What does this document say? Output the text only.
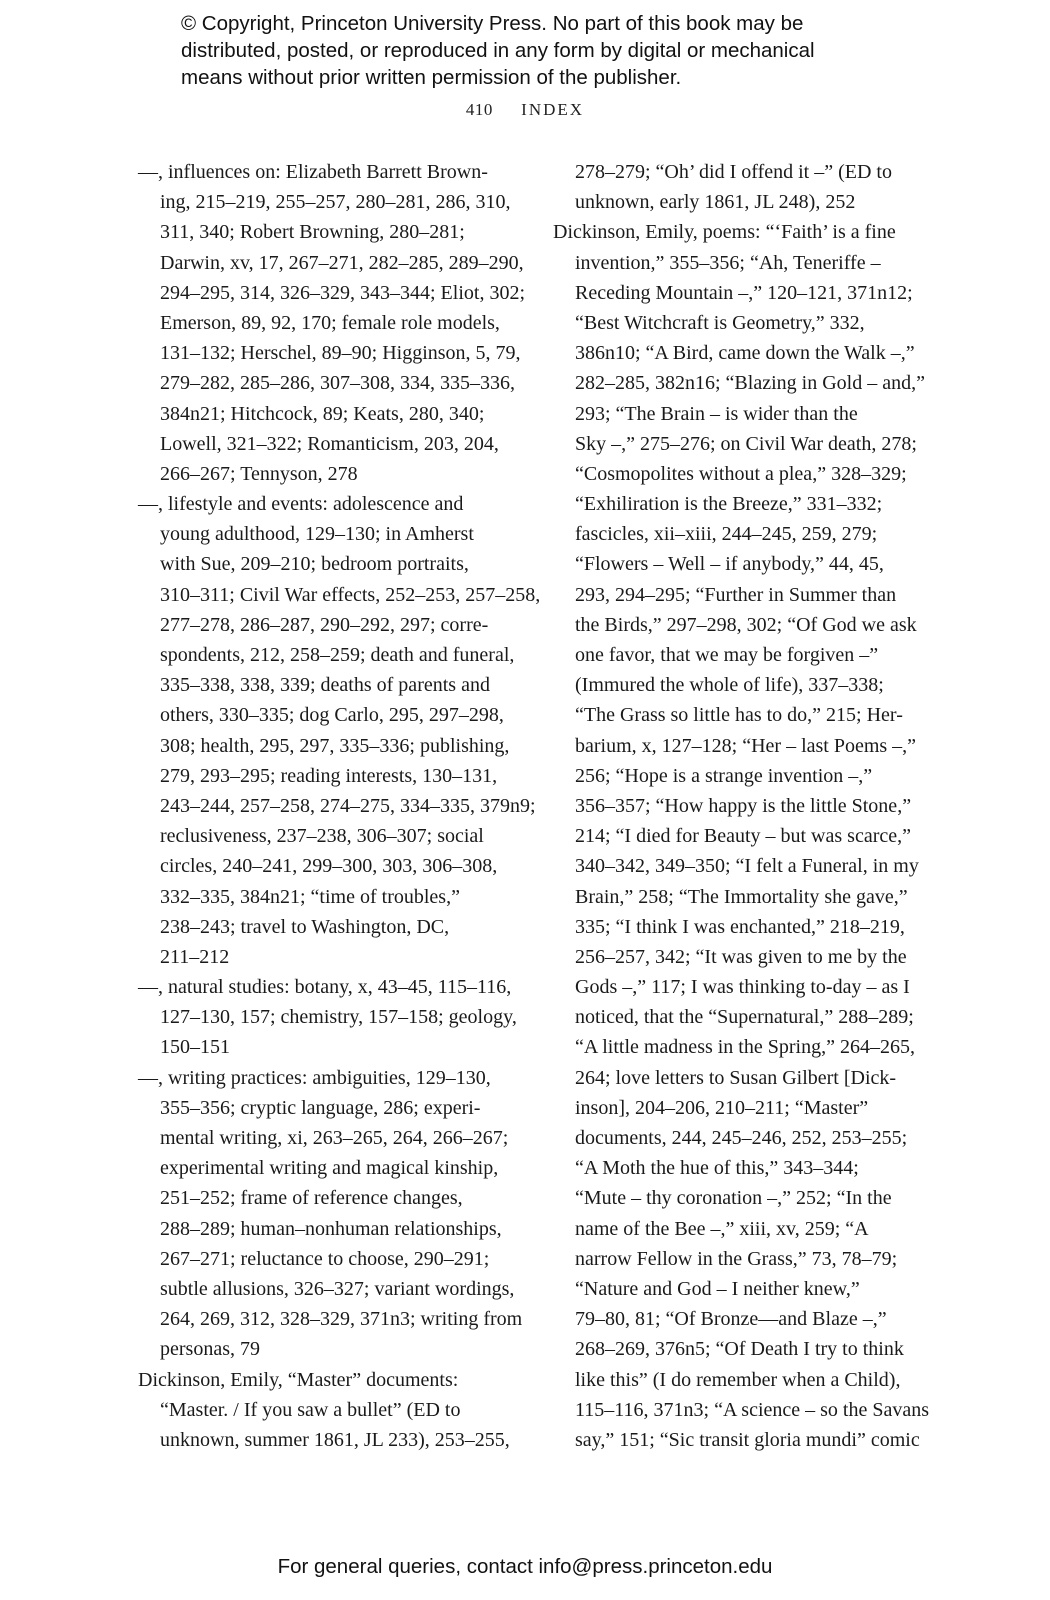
© Copyright, Princeton University Press. No part of this book may be
distributed, posted, or reproduced in any form by digital or mechanical
means without prior written permission of the publisher.
410 INDEX
—, influences on: Elizabeth Barrett Brown-
ing, 215–219, 255–257, 280–281, 286, 310,
311, 340; Robert Browning, 280–281;
Darwin, xv, 17, 267–271, 282–285, 289–290,
294–295, 314, 326–329, 343–344; Eliot, 302;
Emerson, 89, 92, 170; female role models,
131–132; Herschel, 89–90; Higginson, 5, 79,
279–282, 285–286, 307–308, 334, 335–336,
384n21; Hitchcock, 89; Keats, 280, 340;
Lowell, 321–322; Romanticism, 203, 204,
266–267; Tennyson, 278
—, lifestyle and events: adolescence and
young adulthood, 129–130; in Amherst
with Sue, 209–210; bedroom portraits,
310–311; Civil War effects, 252–253, 257–258,
277–278, 286–287, 290–292, 297; corre-
spondents, 212, 258–259; death and funeral,
335–338, 338, 339; deaths of parents and
others, 330–335; dog Carlo, 295, 297–298,
308; health, 295, 297, 335–336; publishing,
279, 293–295; reading interests, 130–131,
243–244, 257–258, 274–275, 334–335, 379n9;
reclusiveness, 237–238, 306–307; social
circles, 240–241, 299–300, 303, 306–308,
332–335, 384n21; “time of troubles,”
238–243; travel to Washington, DC,
211–212
—, natural studies: botany, x, 43–45, 115–116,
127–130, 157; chemistry, 157–158; geology,
150–151
—, writing practices: ambiguities, 129–130,
355–356; cryptic language, 286; experi-
mental writing, xi, 263–265, 264, 266–267;
experimental writing and magical kinship,
251–252; frame of reference changes,
288–289; human–nonhuman relationships,
267–271; reluctance to choose, 290–291;
subtle allusions, 326–327; variant wordings,
264, 269, 312, 328–329, 371n3; writing from
personas, 79
Dickinson, Emily, “Master” documents:
“Master. / If you saw a bullet” (ED to
unknown, summer 1861, JL 233), 253–255,
278–279; “Oh’ did I offend it –” (ED to
unknown, early 1861, JL 248), 252
Dickinson, Emily, poems: “‘Faith’ is a fine
invention,” 355–356; “Ah, Teneriffe –
Receding Mountain –,” 120–121, 371n12;
“Best Witchcraft is Geometry,” 332,
386n10; “A Bird, came down the Walk –,”
282–285, 382n16; “Blazing in Gold – and,”
293; “The Brain – is wider than the
Sky –,” 275–276; on Civil War death, 278;
“Cosmopolites without a plea,” 328–329;
“Exhiliration is the Breeze,” 331–332;
fascicles, xii–xiii, 244–245, 259, 279;
“Flowers – Well – if anybody,” 44, 45,
293, 294–295; “Further in Summer than
the Birds,” 297–298, 302; “Of God we ask
one favor, that we may be forgiven –”
(Immured the whole of life), 337–338;
“The Grass so little has to do,” 215; Her-
barium, x, 127–128; “Her – last Poems –,”
256; “Hope is a strange invention –,”
356–357; “How happy is the little Stone,”
214; “I died for Beauty – but was scarce,”
340–342, 349–350; “I felt a Funeral, in my
Brain,” 258; “The Immortality she gave,”
335; “I think I was enchanted,” 218–219,
256–257, 342; “It was given to me by the
Gods –,” 117; I was thinking to-day – as I
noticed, that the “Supernatural,” 288–289;
“A little madness in the Spring,” 264–265,
264; love letters to Susan Gilbert [Dick-
inson], 204–206, 210–211; “Master”
documents, 244, 245–246, 252, 253–255;
“A Moth the hue of this,” 343–344;
“Mute – thy coronation –,” 252; “In the
name of the Bee –,” xiii, xv, 259; “A
narrow Fellow in the Grass,” 73, 78–79;
“Nature and God – I neither knew,”
79–80, 81; “Of Bronze—and Blaze –,”
268–269, 376n5; “Of Death I try to think
like this” (I do remember when a Child),
115–116, 371n3; “A science – so the Savans
say,” 151; “Sic transit gloria mundi” comic
For general queries, contact info@press.princeton.edu
